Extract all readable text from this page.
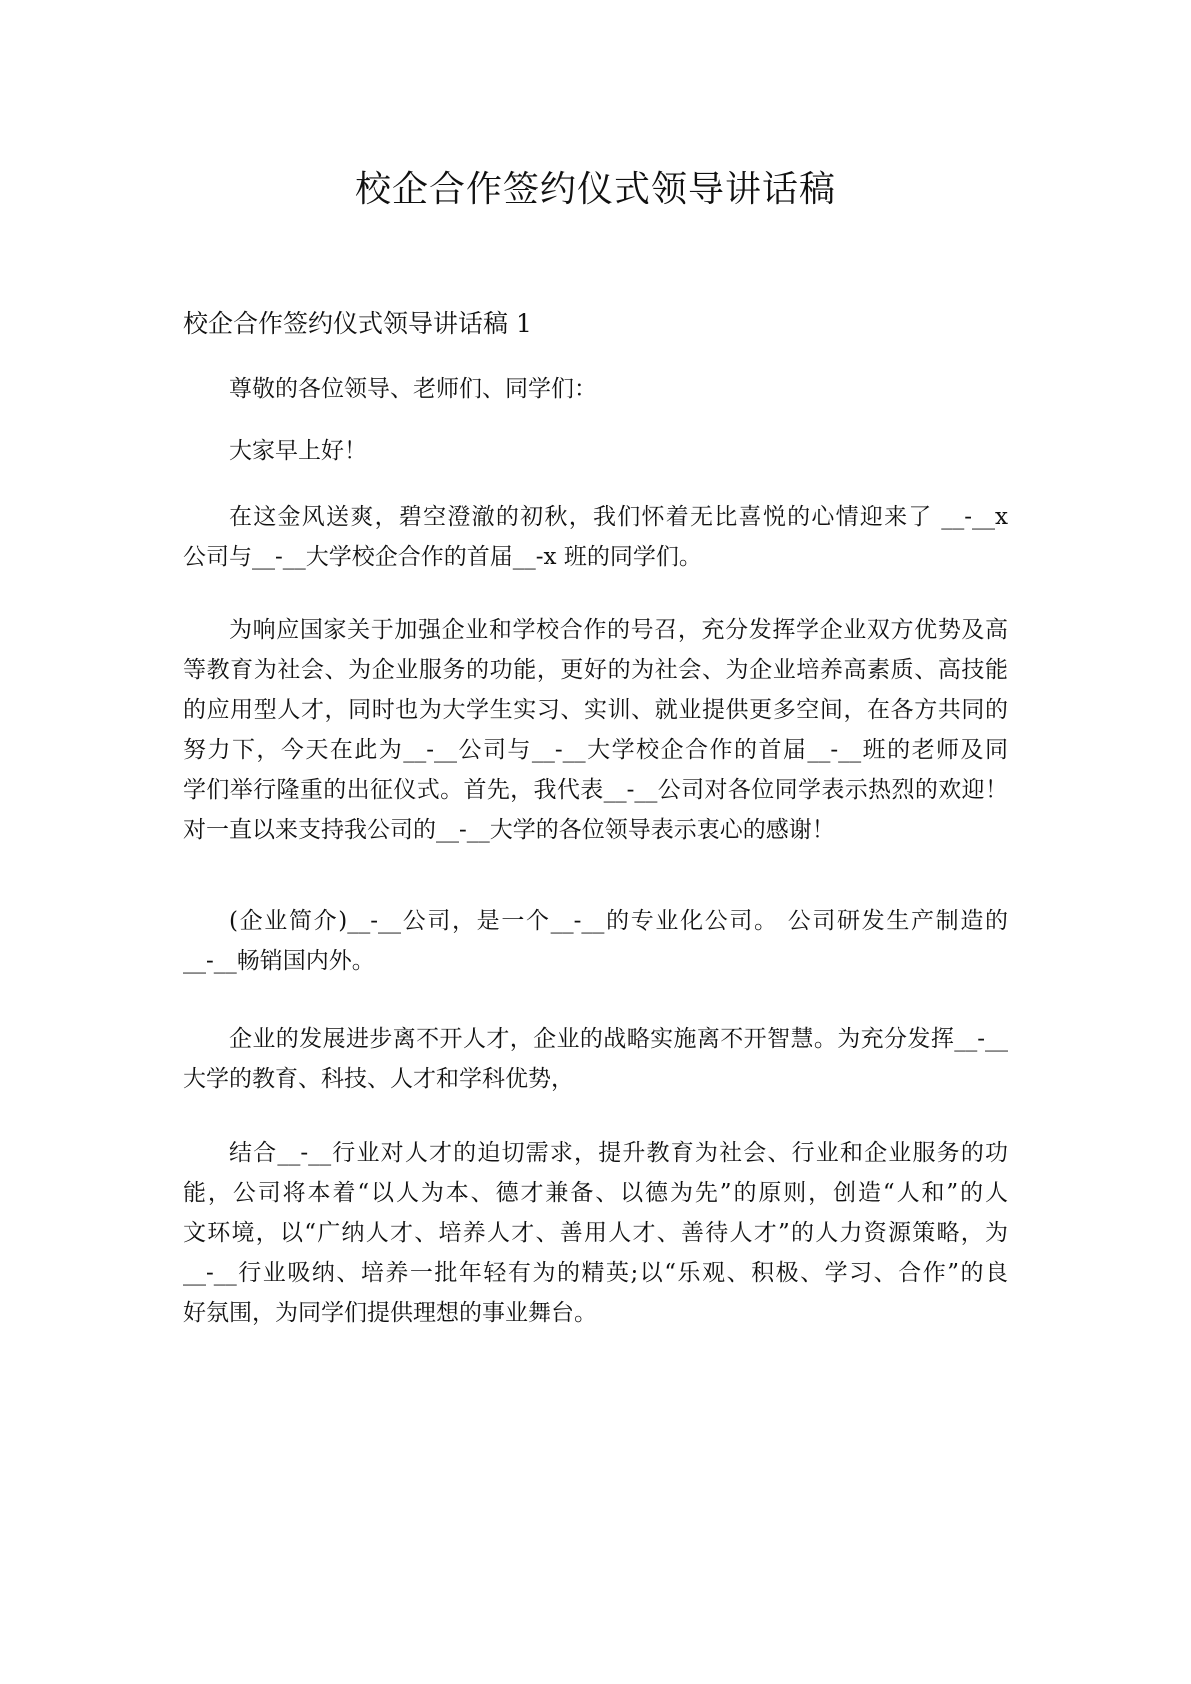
校企合作签约仪式领导讲话稿
校企合作签约仪式领导讲话稿 1

尊敬的各位领导、老师们、同学们：

大家早上好！

在这金风送爽，碧空澄澈的初秋，我们怀着无比喜悦的心情迎来了 __-__x
公司与__-__大学校企合作的首届__-x 班的同学们。

为响应国家关于加强企业和学校合作的号召，充分发挥学企业双方优势及高
等教育为社会、为企业服务的功能，更好的为社会、为企业培养高素质、高技能
的应用型人才，同时也为大学生实习、实训、就业提供更多空间，在各方共同的
努力下，今天在此为__-__公司与__-__大学校企合作的首届__-__班的老师及同
学们举行隆重的出征仪式。首先，我代表__-__公司对各位同学表示热烈的欢迎！
对一直以来支持我公司的__-__大学的各位领导表示衷心的感谢！

(企业简介)__-__公司，是一个__-__的专业化公司。 公司研发生产制造的
__-__畅销国内外。

企业的发展进步离不开人才，企业的战略实施离不开智慧。为充分发挥__-__
大学的教育、科技、人才和学科优势，

结合__-__行业对人才的迫切需求，提升教育为社会、行业和企业服务的功
能，公司将本着“以人为本、德才兼备、以德为先”的原则，创造“人和”的人
文环境，以“广纳人才、培养人才、善用人才、善待人才”的人力资源策略，为
__-__行业吸纳、培养一批年轻有为的精英;以“乐观、积极、学习、合作”的良
好氛围，为同学们提供理想的事业舞台。
